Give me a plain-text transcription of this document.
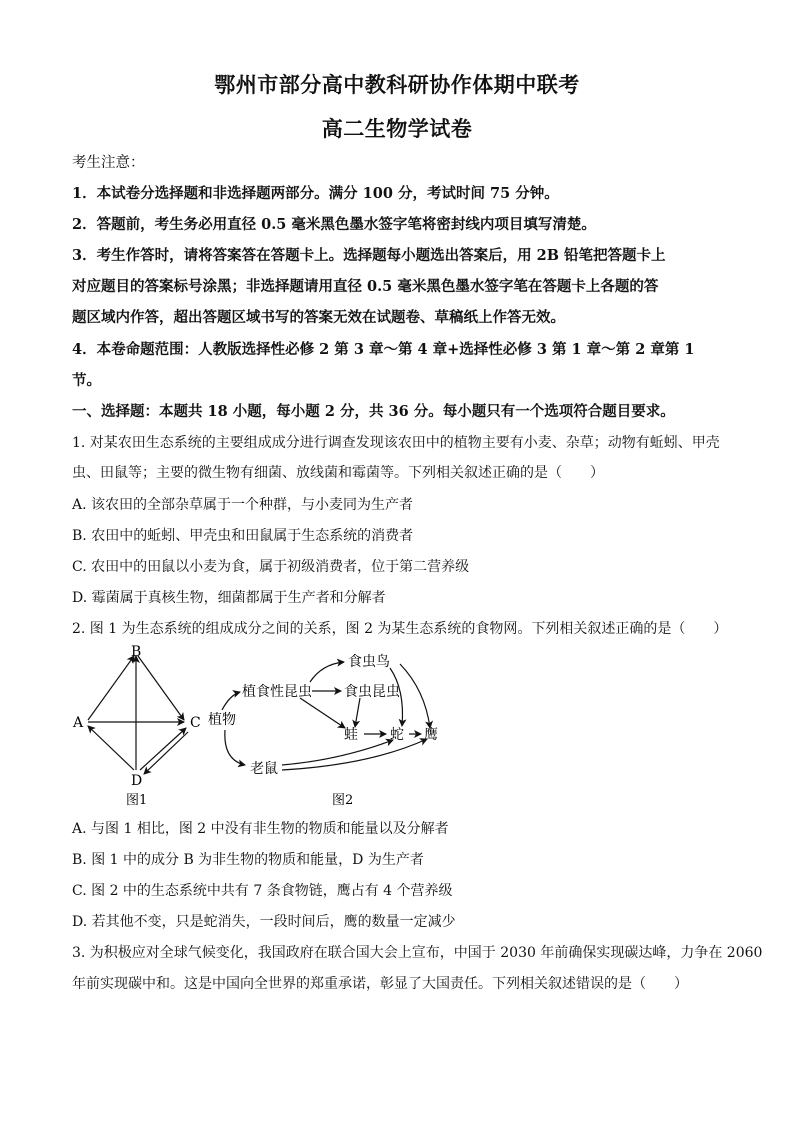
鄂州市部分高中教科研协作体期中联考
高二生物学试卷
考生注意：
1．本试卷分选择题和非选择题两部分。满分 100 分，考试时间 75 分钟。
2．答题前，考生务必用直径 0.5 毫米黑色墨水签字笔将密封线内项目填写清楚。
3．考生作答时，请将答案答在答题卡上。选择题每小题选出答案后，用 2B 铅笔把答题卡上
对应题目的答案标号涂黑；非选择题请用直径 0.5 毫米黑色墨水签字笔在答题卡上各题的答
题区域内作答，超出答题区域书写的答案无效在试题卷、草稿纸上作答无效。
4．本卷命题范围：人教版选择性必修 2 第 3 章～第 4 章+选择性必修 3 第 1 章～第 2 章第 1
节。
一、选择题：本题共 18 小题，每小题 2 分，共 36 分。每小题只有一个选项符合题目要求。
1. 对某农田生态系统的主要组成成分进行调查发现该农田中的植物主要有小麦、杂草；动物有蚯蚓、甲壳
虫、田鼠等；主要的微生物有细菌、放线菌和霉菌等。下列相关叙述正确的是（　　）
A. 该农田的全部杂草属于一个种群，与小麦同为生产者
B. 农田中的蚯蚓、甲壳虫和田鼠属于生态系统的消费者
C. 农田中的田鼠以小麦为食，属于初级消费者，位于第二营养级
D. 霉菌属于真核生物，细菌都属于生产者和分解者
2. 图 1 为生态系统的组成成分之间的关系，图 2 为某生态系统的食物网。下列相关叙述正确的是（　　）
B
A	C
D
图1
食虫鸟
植食性昆虫 食虫昆虫
植物
蛙 蛇 鹰
老鼠
图2
A. 与图 1 相比，图 2 中没有非生物的物质和能量以及分解者
B. 图 1 中的成分 B 为非生物的物质和能量，D 为生产者
C. 图 2 中的生态系统中共有 7 条食物链，鹰占有 4 个营养级
D. 若其他不变，只是蛇消失，一段时间后，鹰的数量一定减少
3. 为积极应对全球气候变化，我国政府在联合国大会上宣布，中国于 2030 年前确保实现碳达峰，力争在 2060
年前实现碳中和。这是中国向全世界的郑重承诺，彰显了大国责任。下列相关叙述错误的是（　　）
